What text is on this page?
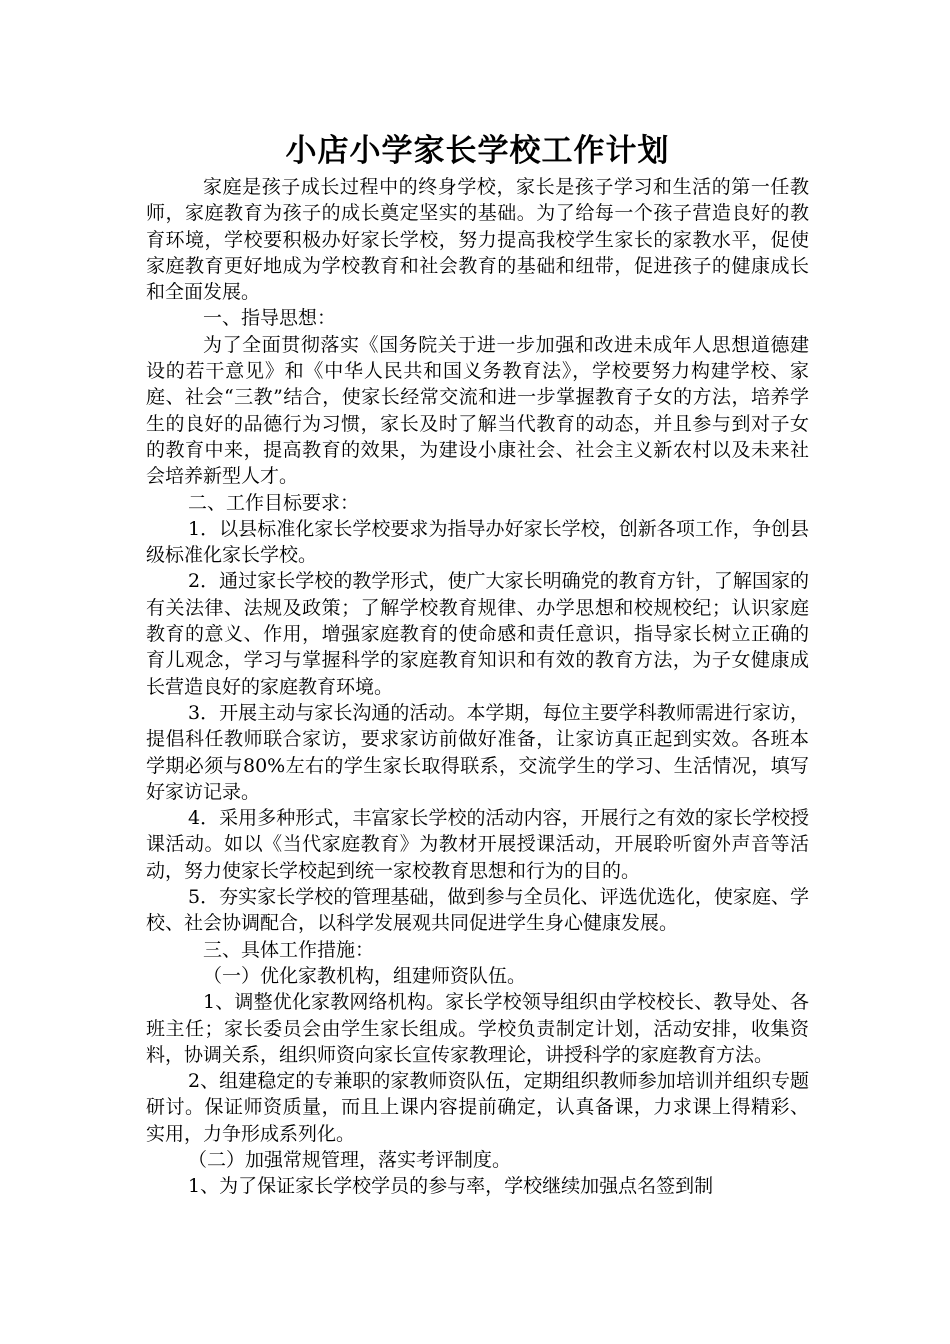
小店小学家长学校工作计划

家庭是孩子成长过程中的终身学校，家长是孩子学习和生活的第一任教师，家庭教育为孩子的成长奠定坚实的基础。为了给每一个孩子营造良好的教育环境，学校要积极办好家长学校，努力提高我校学生家长的家教水平，促使家庭教育更好地成为学校教育和社会教育的基础和纽带，促进孩子的健康成长和全面发展。

一、指导思想：

为了全面贯彻落实《国务院关于进一步加强和改进未成年人思想道德建设的若干意见》和《中华人民共和国义务教育法》，学校要努力构建学校、家庭、社会“三教”结合，使家长经常交流和进一步掌握教育子女的方法，培养学生的良好的品德行为习惯，家长及时了解当代教育的动态，并且参与到对子女的教育中来，提高教育的效果，为建设小康社会、社会主义新农村以及未来社会培养新型人才。

二、工作目标要求：

1．以县标准化家长学校要求为指导办好家长学校，创新各项工作，争创县级标准化家长学校。

2．通过家长学校的教学形式，使广大家长明确党的教育方针，了解国家的有关法律、法规及政策；了解学校教育规律、办学思想和校规校纪；认识家庭教育的意义、作用，增强家庭教育的使命感和责任意识，指导家长树立正确的育儿观念，学习与掌握科学的家庭教育知识和有效的教育方法，为子女健康成长营造良好的家庭教育环境。

3．开展主动与家长沟通的活动。本学期，每位主要学科教师需进行家访，提倡科任教师联合家访，要求家访前做好准备，让家访真正起到实效。各班本学期必须与80%左右的学生家长取得联系，交流学生的学习、生活情况，填写好家访记录。

4．采用多种形式，丰富家长学校的活动内容，开展行之有效的家长学校授课活动。如以《当代家庭教育》为教材开展授课活动，开展聆听窗外声音等活动，努力使家长学校起到统一家校教育思想和行为的目的。

5．夯实家长学校的管理基础，做到参与全员化、评选优选化，使家庭、学校、社会协调配合，以科学发展观共同促进学生身心健康发展。

三、具体工作措施：

（一）优化家教机构，组建师资队伍。

1、调整优化家教网络机构。家长学校领导组织由学校校长、教导处、各班主任；家长委员会由学生家长组成。学校负责制定计划，活动安排，收集资料，协调关系，组织师资向家长宣传家教理论，讲授科学的家庭教育方法。

2、组建稳定的专兼职的家教师资队伍，定期组织教师参加培训并组织专题研讨。保证师资质量，而且上课内容提前确定，认真备课，力求课上得精彩、实用，力争形成系列化。

（二）加强常规管理，落实考评制度。

1、为了保证家长学校学员的参与率，学校继续加强点名签到制
